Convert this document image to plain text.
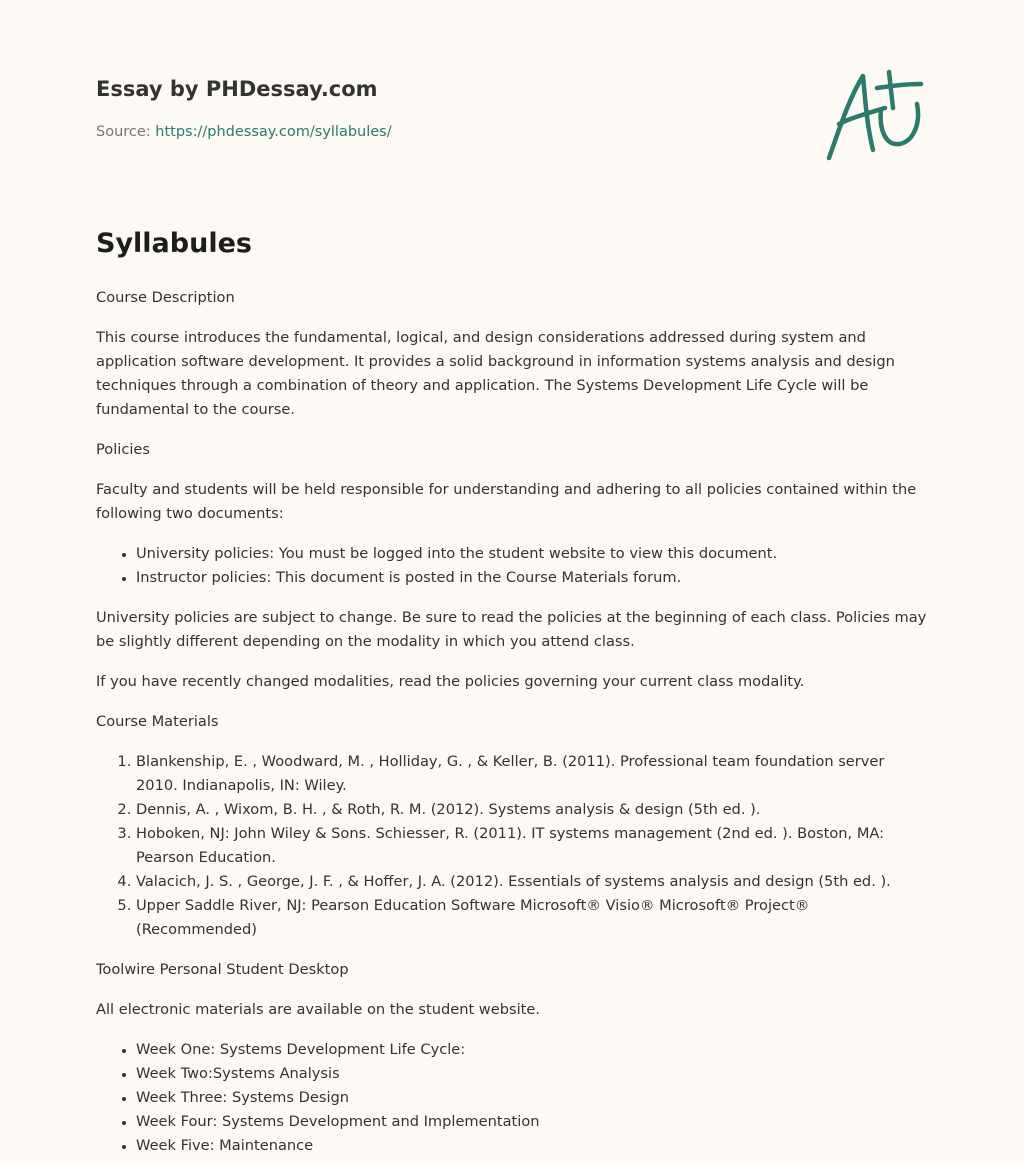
Essay by PHDessay.com
Source: https://phdessay.com/syllabules/
Syllabules

Course Description

This course introduces the fundamental, logical, and design considerations addressed during system and application software development. It provides a solid background in information systems analysis and design techniques through a combination of theory and application. The Systems Development Life Cycle will be fundamental to the course.

Policies

Faculty and students will be held responsible for understanding and adhering to all policies contained within the following two documents:

• University policies: You must be logged into the student website to view this document.
• Instructor policies: This document is posted in the Course Materials forum.

University policies are subject to change. Be sure to read the policies at the beginning of each class. Policies may be slightly different depending on the modality in which you attend class.

If you have recently changed modalities, read the policies governing your current class modality.

Course Materials

1. Blankenship, E. , Woodward, M. , Holliday, G. , & Keller, B. (2011). Professional team foundation server 2010. Indianapolis, IN: Wiley.
2. Dennis, A. , Wixom, B. H. , & Roth, R. M. (2012). Systems analysis & design (5th ed. ).
3. Hoboken, NJ: John Wiley & Sons. Schiesser, R. (2011). IT systems management (2nd ed. ). Boston, MA: Pearson Education.
4. Valacich, J. S. , George, J. F. , & Hoffer, J. A. (2012). Essentials of systems analysis and design (5th ed. ).
5. Upper Saddle River, NJ: Pearson Education Software Microsoft® Visio® Microsoft® Project® (Recommended)

Toolwire Personal Student Desktop

All electronic materials are available on the student website.

• Week One: Systems Development Life Cycle:
• Week Two:Systems Analysis
• Week Three: Systems Design
• Week Four: Systems Development and Implementation
• Week Five: Maintenance
